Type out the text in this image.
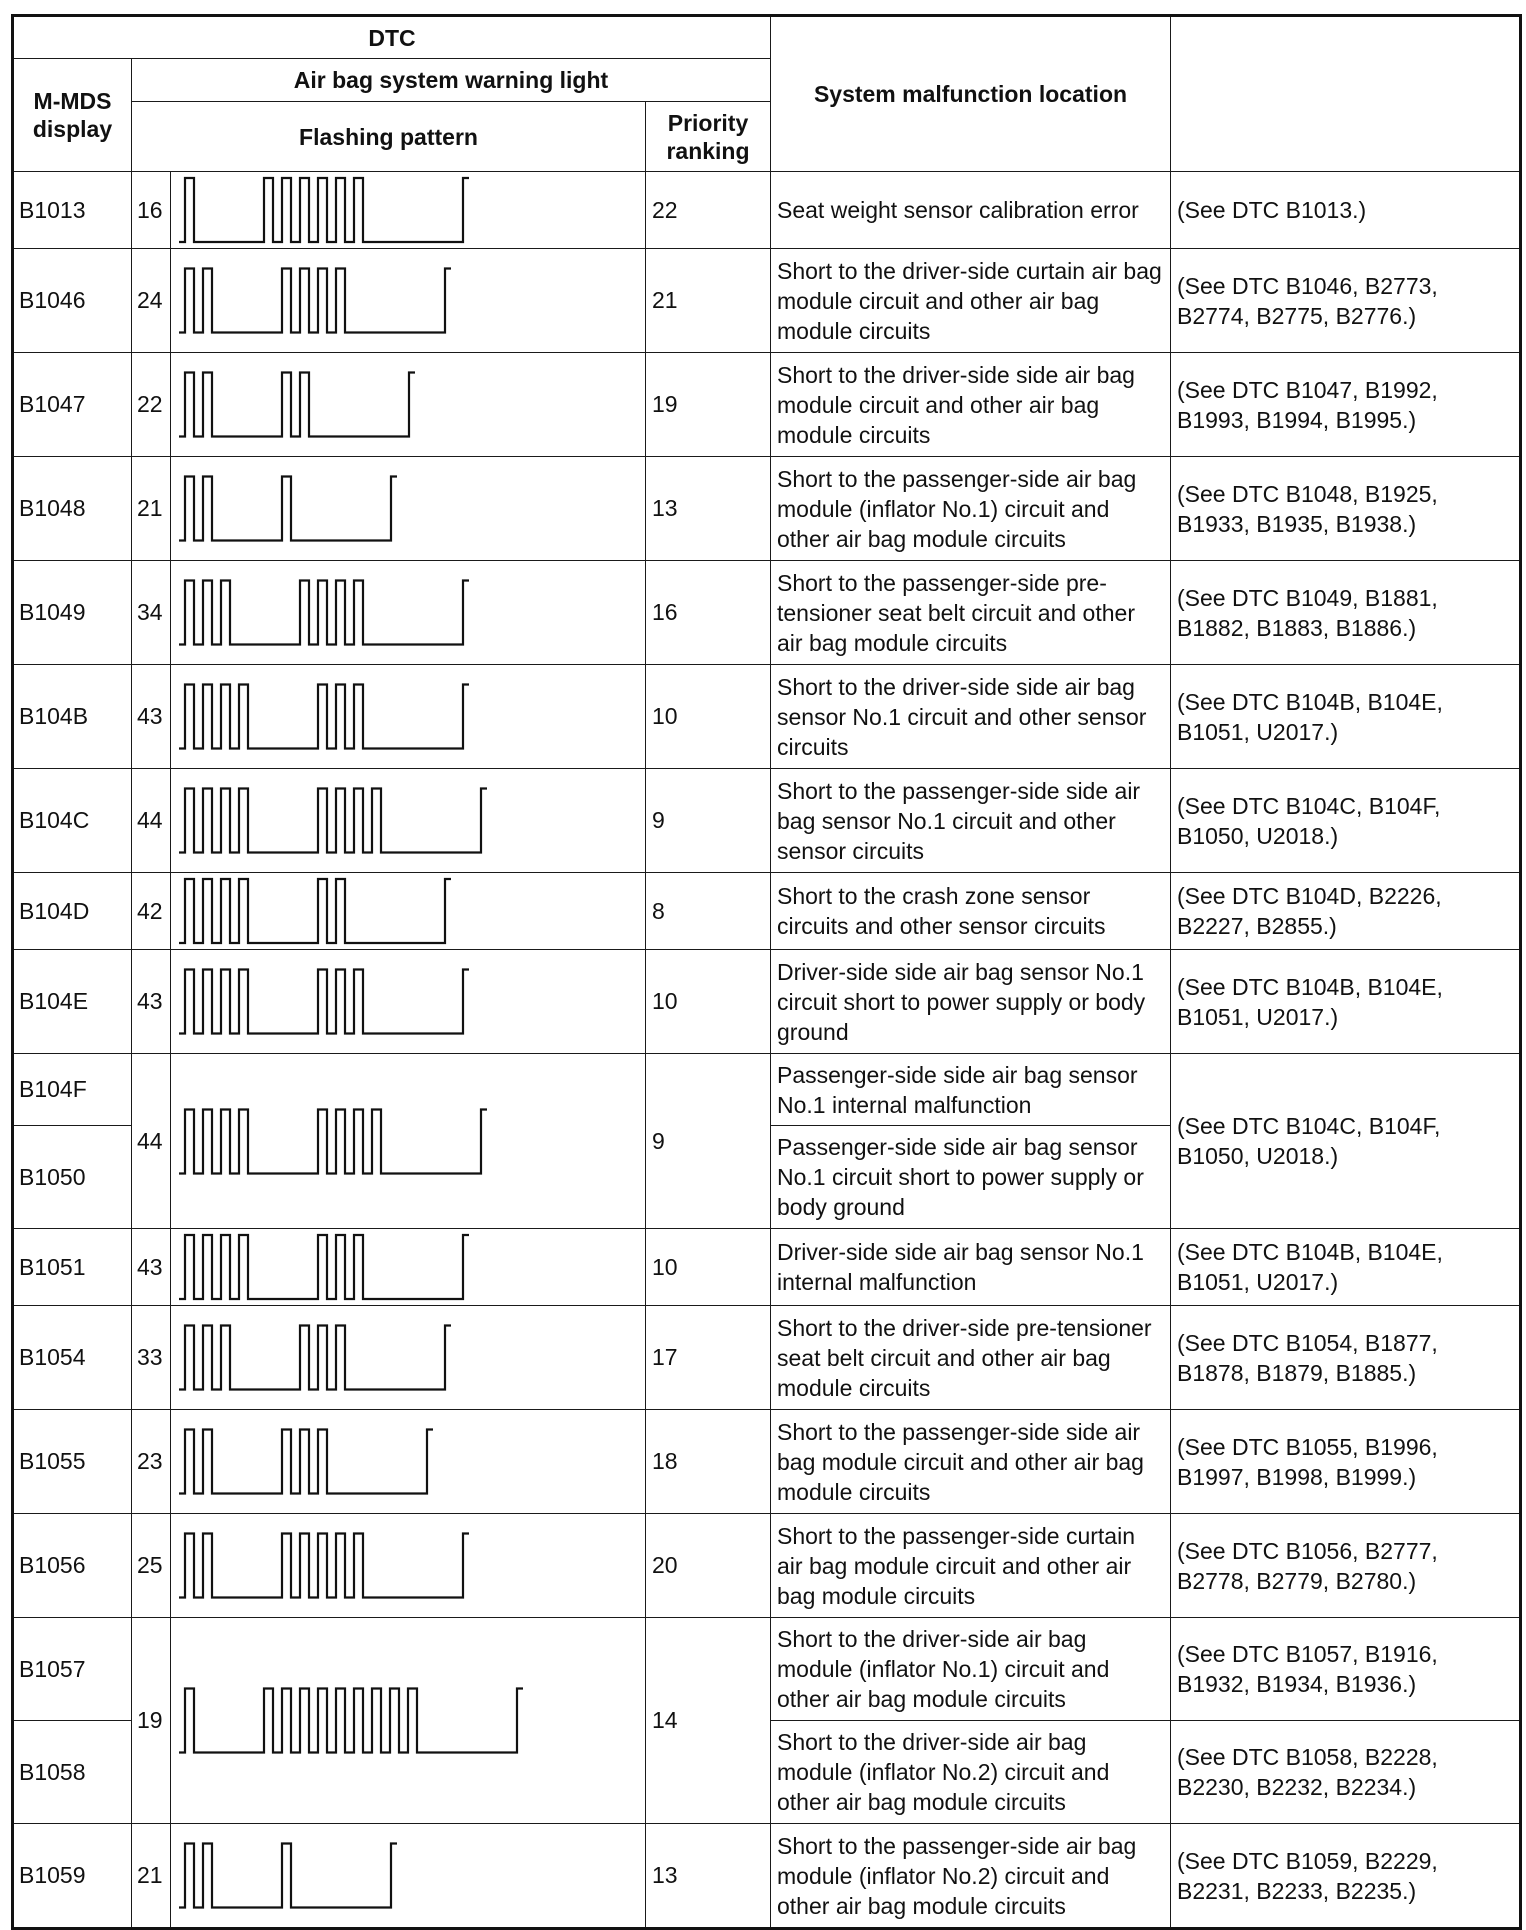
DTC				System malfunction location	
M-MDS display	Air bag system warning light				
	Flashing pattern		Priority ranking		
B1013	16		22	Seat weight sensor calibration error	(See DTC B1013.)
B1046	24		21	Short to the driver-side curtain air bag module circuit and other air bag module circuits	(See DTC B1046, B2773, B2774, B2775, B2776.)
B1047	22		19	Short to the driver-side side air bag module circuit and other air bag module circuits	(See DTC B1047, B1992, B1993, B1994, B1995.)
B1048	21		13	Short to the passenger-side air bag module (inflator No.1) circuit and other air bag module circuits	(See DTC B1048, B1925, B1933, B1935, B1938.)
B1049	34		16	Short to the passenger-side pre-tensioner seat belt circuit and other air bag module circuits	(See DTC B1049, B1881, B1882, B1883, B1886.)
B104B	43		10	Short to the driver-side side air bag sensor No.1 circuit and other sensor circuits	(See DTC B104B, B104E, B1051, U2017.)
B104C	44		9	Short to the passenger-side side air bag sensor No.1 circuit and other sensor circuits	(See DTC B104C, B104F, B1050, U2018.)
B104D	42		8	Short to the crash zone sensor circuits and other sensor circuits	(See DTC B104D, B2226, B2227, B2855.)
B104E	43		10	Driver-side side air bag sensor No.1 circuit short to power supply or body ground	(See DTC B104B, B104E, B1051, U2017.)
B104F	44		9	Passenger-side side air bag sensor No.1 internal malfunction	(See DTC B104C, B104F, B1050, U2018.)
B1050				Passenger-side side air bag sensor No.1 circuit short to power supply or body ground	
B1051	43		10	Driver-side side air bag sensor No.1 internal malfunction	(See DTC B104B, B104E, B1051, U2017.)
B1054	33		17	Short to the driver-side pre-tensioner seat belt circuit and other air bag module circuits	(See DTC B1054, B1877, B1878, B1879, B1885.)
B1055	23		18	Short to the passenger-side side air bag module circuit and other air bag module circuits	(See DTC B1055, B1996, B1997, B1998, B1999.)
B1056	25		20	Short to the passenger-side curtain air bag module circuit and other air bag module circuits	(See DTC B1056, B2777, B2778, B2779, B2780.)
B1057	19		14	Short to the driver-side air bag module (inflator No.1) circuit and other air bag module circuits	(See DTC B1057, B1916, B1932, B1934, B1936.)
B1058				Short to the driver-side air bag module (inflator No.2) circuit and other air bag module circuits	(See DTC B1058, B2228, B2230, B2232, B2234.)
B1059	21		13	Short to the passenger-side air bag module (inflator No.2) circuit and other air bag module circuits	(See DTC B1059, B2229, B2231, B2233, B2235.)
